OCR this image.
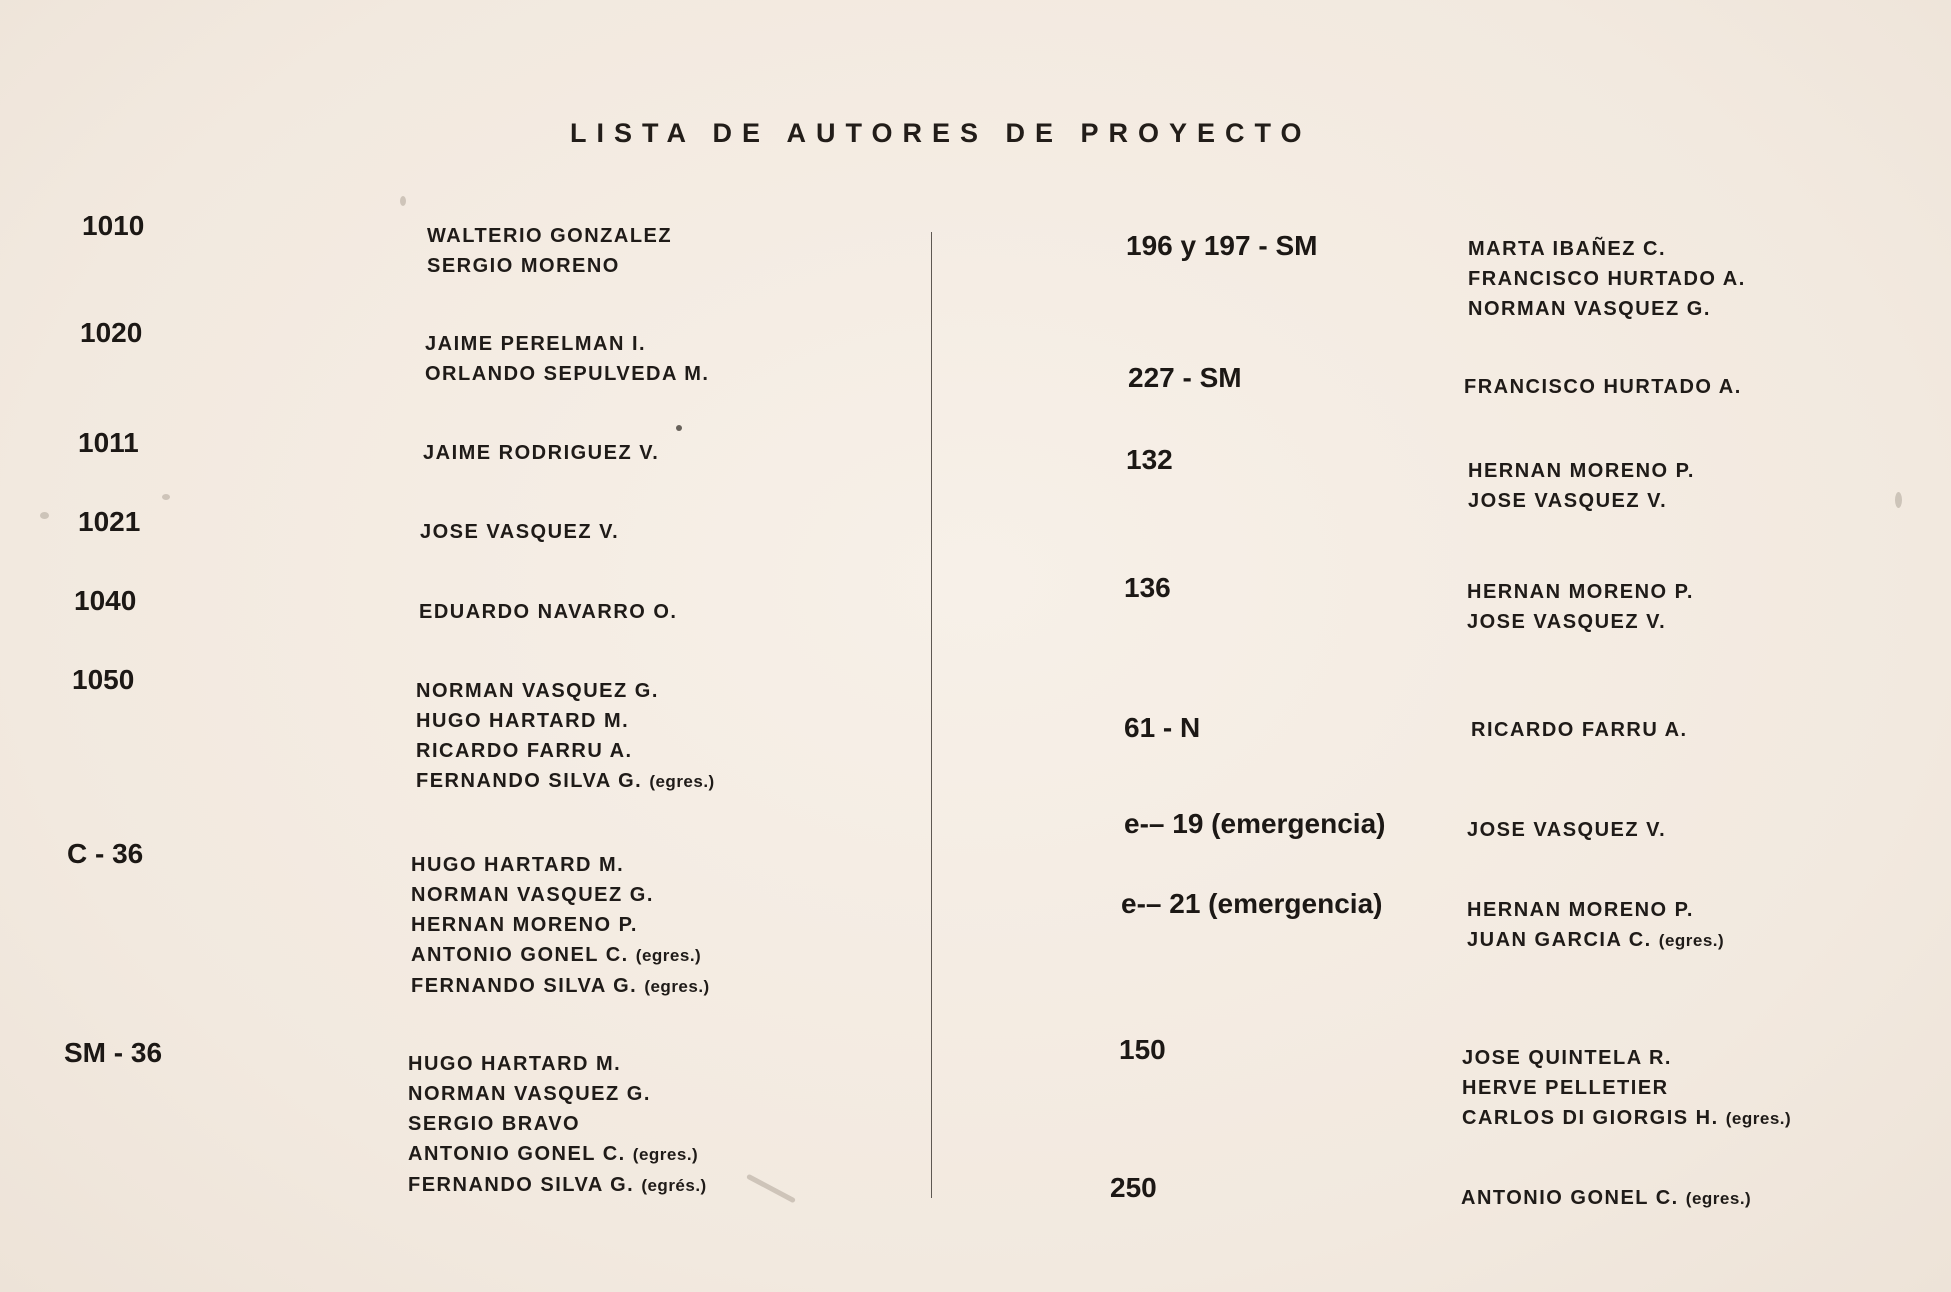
LISTA DE AUTORES DE PROYECTO
1010	WALTERIO GONZALEZ
SERGIO MORENO
1020	JAIME PERELMAN I.
ORLANDO SEPULVEDA M.
1011	JAIME RODRIGUEZ V.
1021	JOSE VASQUEZ V.
1040	EDUARDO NAVARRO O.
1050	NORMAN VASQUEZ G.
HUGO HARTARD M.
RICARDO FARRU A.
FERNANDO SILVA G. (egres.)
C - 36	HUGO HARTARD M.
NORMAN VASQUEZ G.
HERNAN MORENO P.
ANTONIO GONEL C. (egres.)
FERNANDO SILVA G. (egres.)
SM - 36	HUGO HARTARD M.
NORMAN VASQUEZ G.
SERGIO BRAVO
ANTONIO GONEL C. (egres.)
FERNANDO SILVA G. (egrés.)
196 y 197 - SM	MARTA IBAÑEZ C.
FRANCISCO HURTADO A.
NORMAN VASQUEZ G.
227 - SM	FRANCISCO HURTADO A.
132	HERNAN MORENO P.
JOSE VASQUEZ V.
136	HERNAN MORENO P.
JOSE VASQUEZ V.
61 - N	RICARDO FARRU A.
e-– 19 (emergencia)	JOSE VASQUEZ V.
e-– 21 (emergencia)	HERNAN MORENO P.
JUAN GARCIA C. (egres.)
150	JOSE QUINTELA R.
HERVE PELLETIER
CARLOS DI GIORGIS H. (egres.)
250	ANTONIO GONEL C. (egres.)
